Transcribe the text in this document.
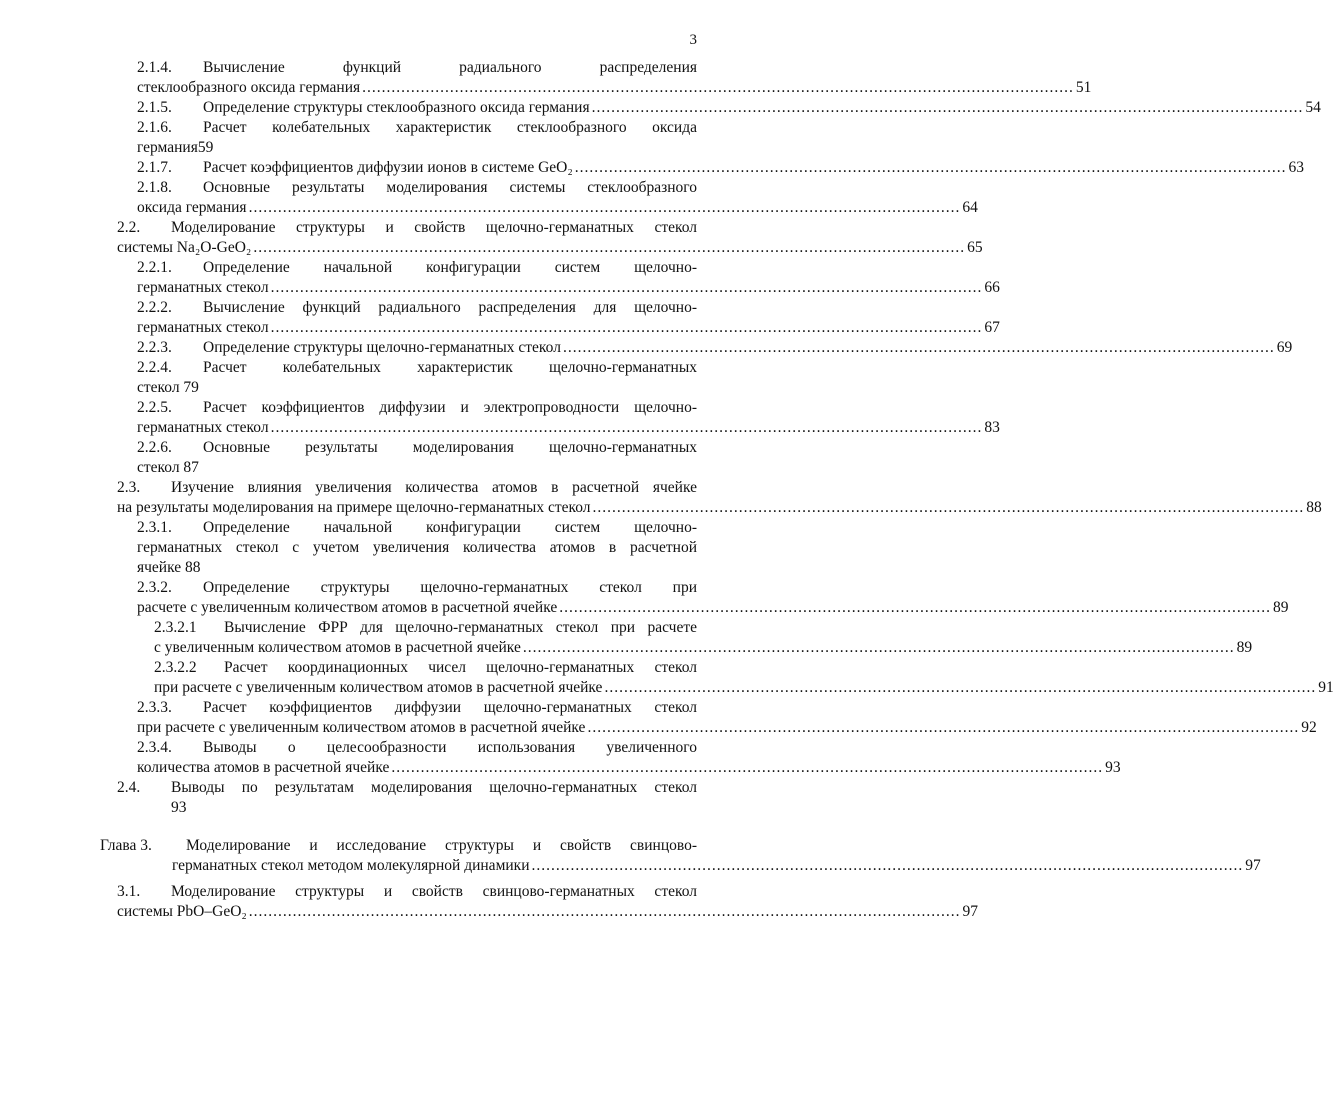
3
2.1.4.	Вычисление функций радиального распределения
стеклообразного оксида германия .................................................................................................................................................. 51
2.1.5.	Определение структуры стеклообразного оксида германия .................................................................................................................................................. 54
2.1.6.	Расчет колебательных характеристик стеклообразного оксида
германия59
2.1.7.	Расчет коэффициентов диффузии ионов в системе GeO₂ .................................................................................................................................................. 63
2.1.8.	Основные результаты моделирования системы стеклообразного
оксида германия .................................................................................................................................................. 64
2.2.	Моделирование структуры и свойств щелочно-германатных стекол
системы Na₂O-GeO₂ .................................................................................................................................................. 65
2.2.1.	Определение начальной конфигурации систем щелочно-
германатных стекол .................................................................................................................................................. 66
2.2.2.	Вычисление функций радиального распределения для щелочно-
германатных стекол .................................................................................................................................................. 67
2.2.3.	Определение структуры щелочно-германатных стекол .................................................................................................................................................. 69
2.2.4.	Расчет колебательных характеристик щелочно-германатных
стекол 79
2.2.5.	Расчет коэффициентов диффузии и электропроводности щелочно-
германатных стекол .................................................................................................................................................. 83
2.2.6.	Основные результаты моделирования щелочно-германатных
стекол 87
2.3.	Изучение влияния увеличения количества атомов в расчетной ячейке
на результаты моделирования на примере щелочно-германатных стекол .................................................................................................................................................. 88
2.3.1.	Определение начальной конфигурации систем щелочно-
германатных стекол с учетом увеличения количества атомов в расчетной
ячейке 88
2.3.2.	Определение структуры щелочно-германатных стекол при
расчете с увеличенным количеством атомов в расчетной ячейке .................................................................................................................................................. 89
2.3.2.1	Вычисление ФРР для щелочно-германатных стекол при расчете
с увеличенным количеством атомов в расчетной ячейке .................................................................................................................................................. 89
2.3.2.2	Расчет координационных чисел щелочно-германатных стекол
при расчете с увеличенным количеством атомов в расчетной ячейке .................................................................................................................................................. 91
2.3.3.	Расчет коэффициентов диффузии щелочно-германатных стекол
при расчете с увеличенным количеством атомов в расчетной ячейке .................................................................................................................................................. 92
2.3.4.	Выводы о целесообразности использования увеличенного
количества атомов в расчетной ячейке .................................................................................................................................................. 93
2.4.	Выводы по результатам моделирования щелочно-германатных стекол
93
Глава 3.	Моделирование и исследование структуры и свойств свинцово-
германатных стекол методом молекулярной динамики .................................................................................................................................................. 97
3.1.	Моделирование структуры и свойств свинцово-германатных стекол
системы PbO–GeO₂ .................................................................................................................................................. 97
